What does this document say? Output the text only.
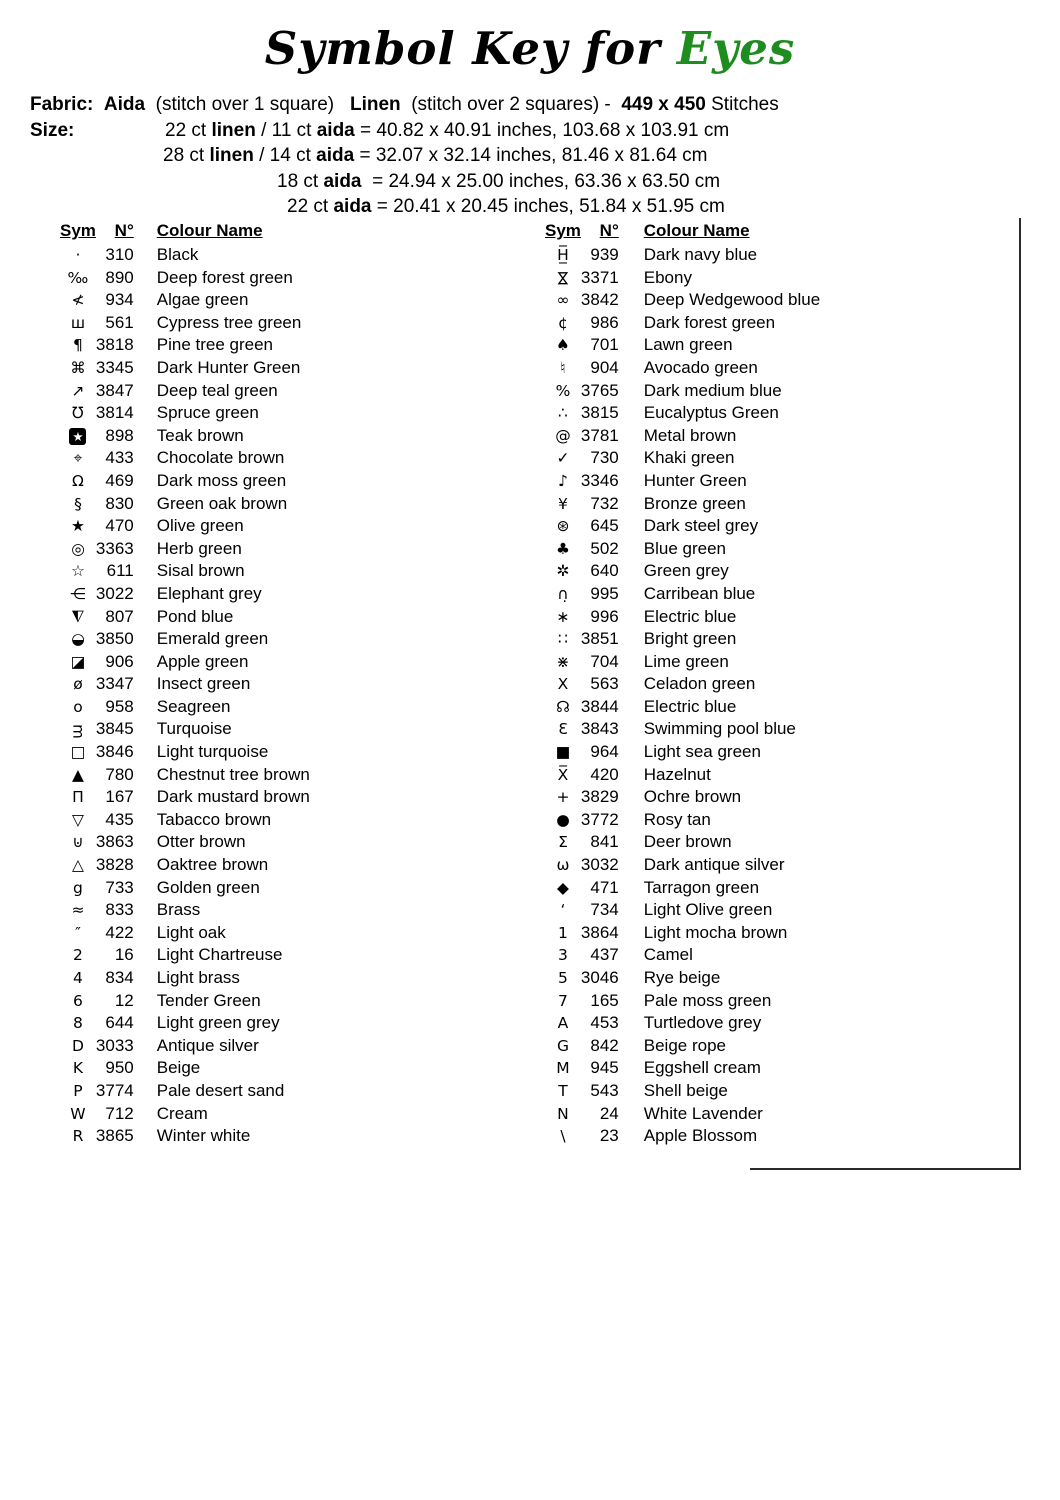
Symbol Key for Eyes
Fabric: Aida  (stitch over 1 square)   Linen  (stitch over 2 squares) -  449 x 450 Stitches
Size:	22 ct linen / 11 ct aida = 40.82 x 40.91 inches, 103.68 x 103.91 cm
28 ct linen / 14 ct aida = 32.07 x 32.14 inches, 81.46 x 81.64 cm
18 ct aida  = 24.94 x 25.00 inches, 63.36 x 63.50 cm
22 ct aida = 20.41 x 20.45 inches, 51.84 x 51.95 cm
Sym	N°	Colour Name
·	310	Black
‰	890	Deep forest green
≮	934	Algae green
ш	561	Cypress tree green
¶	3818	Pine tree green
⌘	3345	Dark Hunter Green
↗	3847	Deep teal green
℧	3814	Spruce green
★	898	Teak brown
⌖	433	Chocolate brown
Ω	469	Dark moss green
§	830	Green oak brown
★	470	Olive green
◎	3363	Herb green
☆	611	Sisal brown
⋲	3022	Elephant grey
◮	807	Pond blue
◒	3850	Emerald green
◪	906	Apple green
ø	3347	Insect green
o	958	Seagreen
ᴟ	3845	Turquoise
□	3846	Light turquoise
▲	780	Chestnut tree brown
Π	167	Dark mustard brown
▽	435	Tabacco brown
⊍	3863	Otter brown
△	3828	Oaktree brown
g	733	Golden green
≈	833	Brass
″	422	Light oak
2	16	Light Chartreuse
4	834	Light brass
6	12	Tender Green
8	644	Light green grey
D	3033	Antique silver
K	950	Beige
P	3774	Pale desert sand
W	712	Cream
R	3865	Winter white
Sym	N°	Colour Name
H̲̅	939	Dark navy blue
⋈	3371	Ebony
∞	3842	Deep Wedgewood blue
¢	986	Dark forest green
♠	701	Lawn green
♮	904	Avocado green
%	3765	Dark medium blue
∴	3815	Eucalyptus Green
@	3781	Metal brown
✓	730	Khaki green
♪	3346	Hunter Green
¥	732	Bronze green
⊛	645	Dark steel grey
♣	502	Blue green
✲	640	Green grey
∩̣	995	Carribean blue
∗	996	Electric blue
∷	3851	Bright green
⋇	704	Lime green
X	563	Celadon green
☊	3844	Electric blue
Ɛ	3843	Swimming pool blue
■	964	Light sea green
X̅	420	Hazelnut
+	3829	Ochre brown
●	3772	Rosy tan
Σ	841	Deer brown
ω	3032	Dark antique silver
◆	471	Tarragon green
‘	734	Light Olive green
1	3864	Light mocha brown
3	437	Camel
5	3046	Rye beige
7	165	Pale moss green
A	453	Turtledove grey
G	842	Beige rope
M	945	Eggshell cream
T	543	Shell beige
N	24	White Lavender
\	23	Apple Blossom
